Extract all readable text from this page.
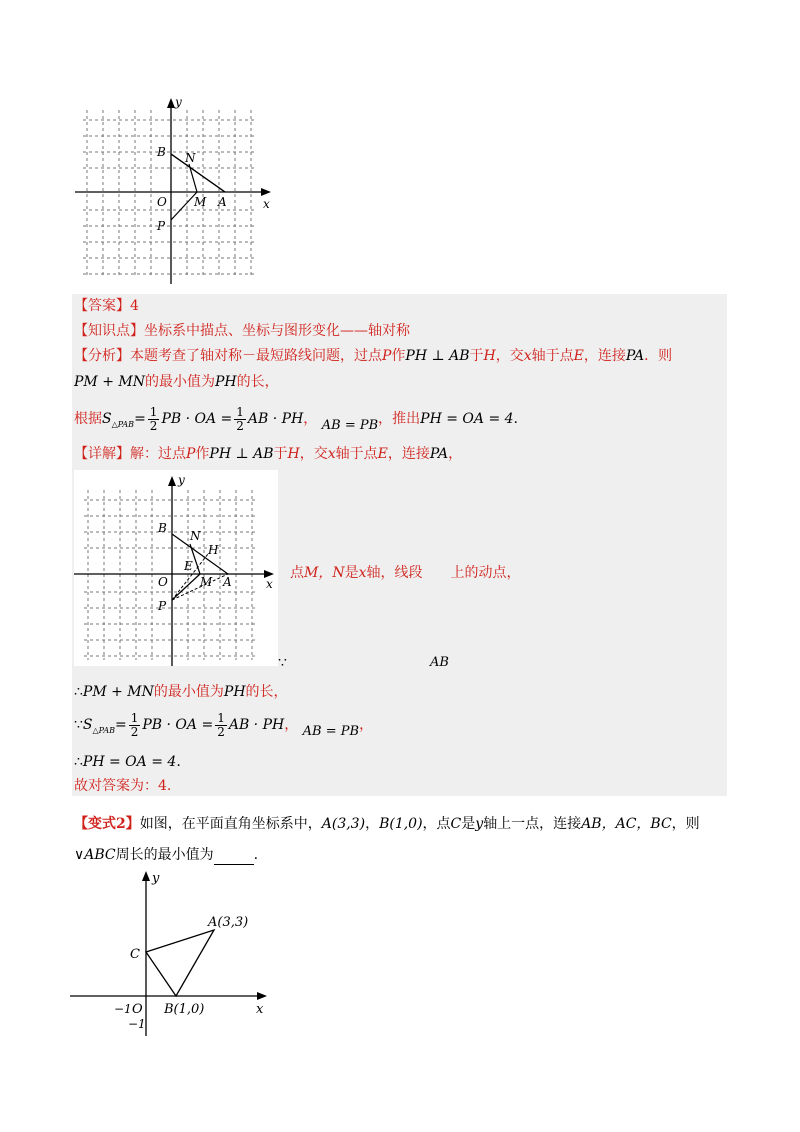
y
x
B N
O M A
P
【答案】4
【知识点】坐标系中描点、坐标与图形变化——轴对称
【分析】本题考查了轴对称－最短路线问题，过点P作PH ⊥ AB于H，交x轴于点E，连接PA．则
PM + MN的最小值为PH的长，
根据$S_{\triangle PAB}= \frac{1}{2}$ PB · OA = $\frac{1}{2}$ AB · PH， AB = PB，推出PH = OA = 4.
【详解】解：过点P作PH ⊥ AB于H，交x轴于点E，连接PA，
y
x
B
N
H
E
O	M A
P
点M，N是x轴，线段 上的动点，
∵	AB
∴PM + MN的最小值为PH的长，
$\because S_{\triangle PAB}= \frac{1}{2}$ PB · OA = $\frac{1}{2}$ AB · PH， AB = PB，
∴PH = OA = 4.
故对答案为：4.
【变式2】如图，在平面直角坐标系中，A(3,3)，B(1,0)，点C是y轴上一点，连接AB，AC，BC，则
∨ABC周长的最小值为	.
y
x
C
A(3,3)
B(1,0)
O
−1
−1
